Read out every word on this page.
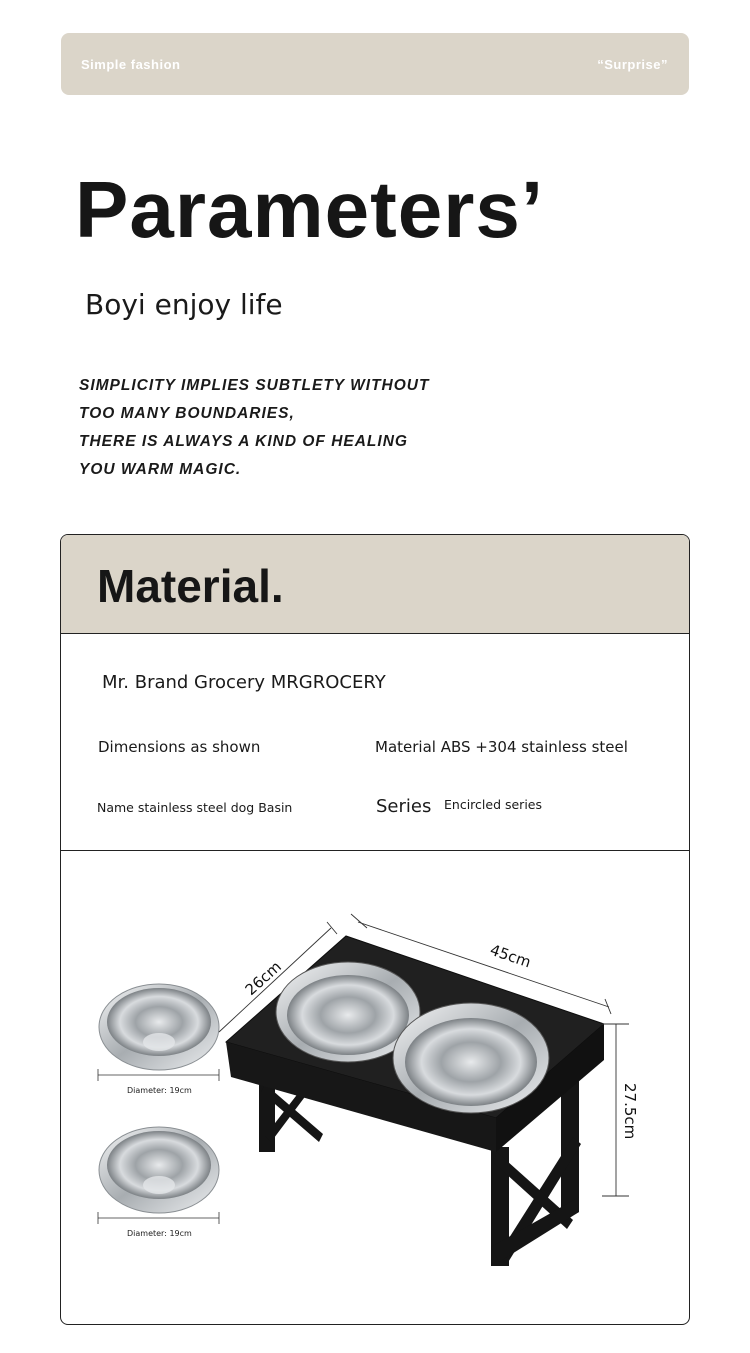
Simple fashion	“Surprise”
Parameters’
Boyi enjoy life
SIMPLICITY IMPLIES SUBTLETY WITHOUT
TOO MANY BOUNDARIES,
THERE IS ALWAYS A KIND OF HEALING
YOU WARM MAGIC.
Material.
Mr. Brand Grocery MRGROCERY
Dimensions as shown	Material ABS +304 stainless steel
Name stainless steel dog Basin	Series Encircled series
Diameter: 19cm
Diameter: 19cm
26cm
45cm
27.5cm
